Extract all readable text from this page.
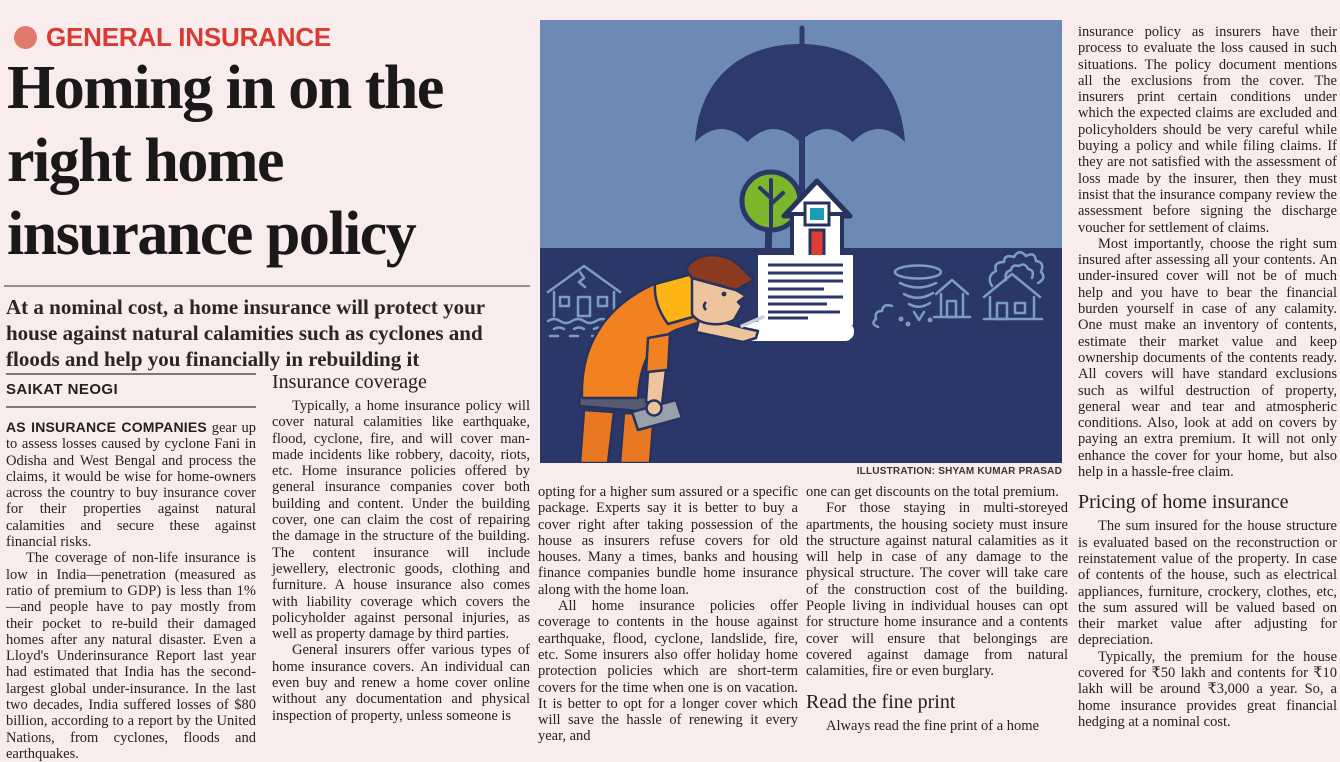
GENERAL INSURANCE
Homing in on the right home insurance policy
At a nominal cost, a home insurance will protect your house against natural calamities such as cyclones and floods and help you financially in rebuilding it
SAIKAT NEOGI

AS INSURANCE COMPANIES gear up to assess losses caused by cyclone Fani in Odisha and West Bengal and process the claims, it would be wise for home-owners across the country to buy insurance cover for their properties against natural calamities and secure these against financial risks.

The coverage of non-life insurance is low in India—penetration (measured as ratio of premium to GDP) is less than 1%—and people have to pay mostly from their pocket to re-build their damaged homes after any natural disaster. Even a Lloyd's Underinsurance Report last year had estimated that India has the second-largest global under-insurance. In the last two decades, India suffered losses of $80 billion, according to a report by the United Nations, from cyclones, floods and earthquakes.

Insurance coverage

Typically, a home insurance policy will cover natural calamities like earthquake, flood, cyclone, fire, and will cover man-made incidents like robbery, dacoity, riots, etc. Home insurance policies offered by general insurance companies cover both building and content. Under the building cover, one can claim the cost of repairing the damage in the structure of the building. The content insurance will include jewellery, electronic goods, clothing and furniture. A house insurance also comes with liability coverage which covers the policyholder against personal injuries, as well as property damage by third parties.

General insurers offer various types of home insurance covers. An individual can even buy and renew a home cover online without any documentation and physical inspection of property, unless someone is

ILLUSTRATION: SHYAM KUMAR PRASAD

opting for a higher sum assured or a specific package. Experts say it is better to buy a cover right after taking possession of the house as insurers refuse covers for old houses. Many a times, banks and housing finance companies bundle home insurance along with the home loan.

All home insurance policies offer coverage to contents in the house against earthquake, flood, cyclone, landslide, fire, etc. Some insurers also offer holiday home protection policies which are short-term covers for the time when one is on vacation. It is better to opt for a longer cover which will save the hassle of renewing it every year, and

one can get discounts on the total premium.

For those staying in multi-storeyed apartments, the housing society must insure the structure against natural calamities as it will help in case of any damage to the physical structure. The cover will take care of the construction cost of the building. People living in individual houses can opt for structure home insurance and a contents cover will ensure that belongings are covered against damage from natural calamities, fire or even burglary.

Read the fine print

Always read the fine print of a home

insurance policy as insurers have their process to evaluate the loss caused in such situations. The policy document mentions all the exclusions from the cover. The insurers print certain conditions under which the expected claims are excluded and policyholders should be very careful while buying a policy and while filing claims. If they are not satisfied with the assessment of loss made by the insurer, then they must insist that the insurance company review the assessment before signing the discharge voucher for settlement of claims.

Most importantly, choose the right sum insured after assessing all your contents. An under-insured cover will not be of much help and you have to bear the financial burden yourself in case of any calamity. One must make an inventory of contents, estimate their market value and keep ownership documents of the contents ready. All covers will have standard exclusions such as wilful destruction of property, general wear and tear and atmospheric conditions. Also, look at add on covers by paying an extra premium. It will not only enhance the cover for your home, but also help in a hassle-free claim.

Pricing of home insurance

The sum insured for the house structure is evaluated based on the reconstruction or reinstatement value of the property. In case of contents of the house, such as electrical appliances, furniture, crockery, clothes, etc, the sum assured will be valued based on their market value after adjusting for depreciation.

Typically, the premium for the house covered for ₹50 lakh and contents for ₹10 lakh will be around ₹3,000 a year. So, a home insurance provides great financial hedging at a nominal cost.
